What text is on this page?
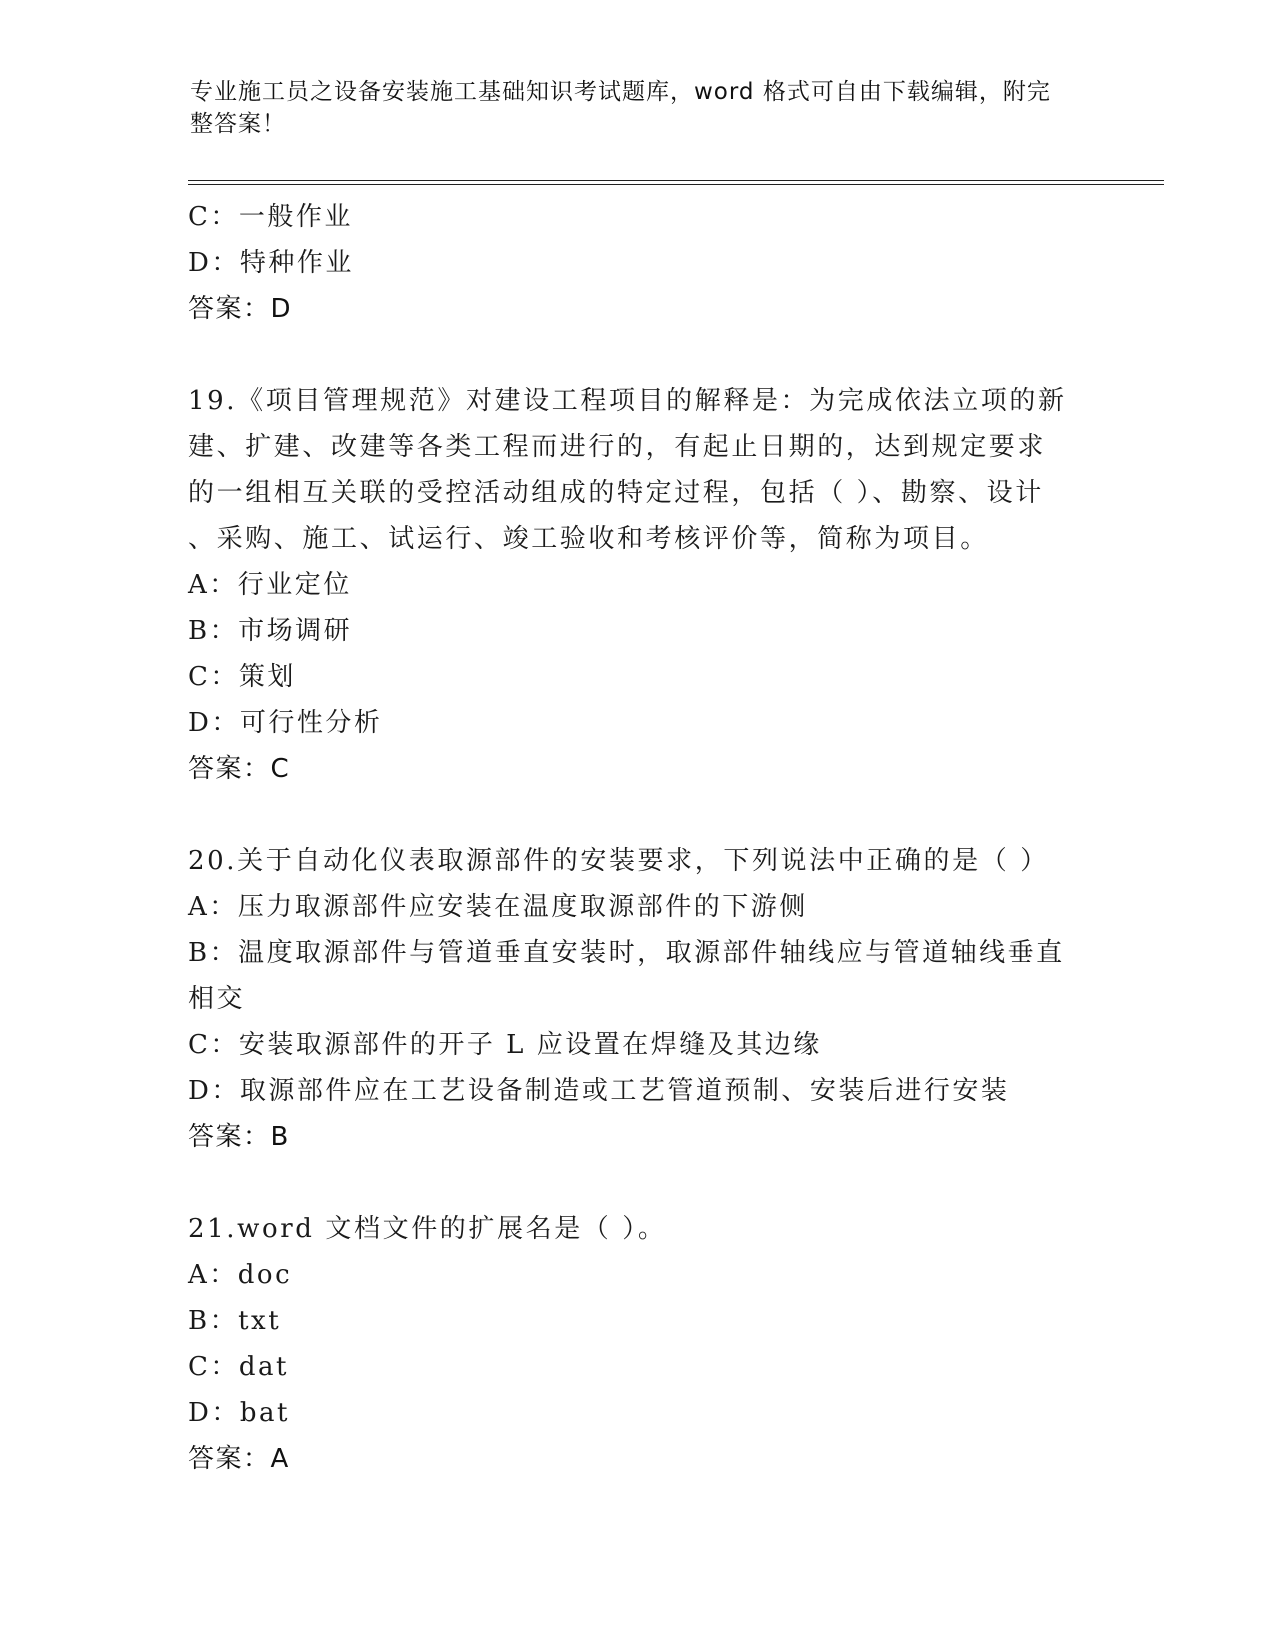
专业施工员之设备安装施工基础知识考试题库，word 格式可自由下载编辑，附完
整答案！
C：一般作业
D：特种作业
答案：D
19.《项目管理规范》对建设工程项目的解释是：为完成依法立项的新
建、扩建、改建等各类工程而进行的，有起止日期的，达到规定要求
的一组相互关联的受控活动组成的特定过程，包括（ ）、勘察、设计
、采购、施工、试运行、竣工验收和考核评价等，简称为项目。
A：行业定位
B：市场调研
C：策划
D：可行性分析
答案：C
20.关于自动化仪表取源部件的安装要求，下列说法中正确的是（ ）
A：压力取源部件应安装在温度取源部件的下游侧
B：温度取源部件与管道垂直安装时，取源部件轴线应与管道轴线垂直
相交
C：安装取源部件的开子 L 应设置在焊缝及其边缘
D：取源部件应在工艺设备制造或工艺管道预制、安装后进行安装
答案：B
21.word 文档文件的扩展名是（ ）。
A：doc
B：txt
C：dat
D：bat
答案：A
